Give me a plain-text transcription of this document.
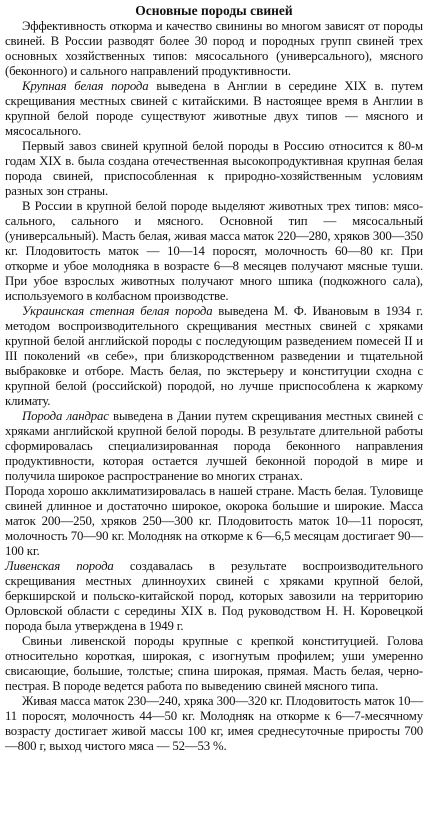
Основные породы свиней

Эффективность откорма и качество свинины во многом зависят от породы свиней. В России разводят более 30 пород и породных групп свиней трех основных хозяйственных типов: мясосального (универсального), мясного (беконного) и сального направлений продуктивности.

Крупная белая порода выведена в Англии в середине XIX в. путем скрещивания местных свиней с китайскими. В настоящее время в Англии в крупной белой породе существуют животные двух типов — мясного и мясосального.

Первый завоз свиней крупной белой породы в Россию относится к 80-м годам XIX в. была создана отечественная высокопродуктивная крупная белая порода свиней, приспособленная к природно-хозяйственным условиям разных зон страны.

В России в крупной белой породе выделяют животных трех типов: мясо-сального, сального и мясного. Основной тип — мясосальный (универсальный). Масть белая, живая масса маток 220—280, хряков 300—350 кг. Плодовитость маток — 10—14 поросят, молочность 60—80 кг. При откорме и убое молодняка в возрасте 6—8 месяцев получают мясные туши. При убое взрослых животных получают много шпика (подкожного сала), используемого в колбасном производстве.

Украинская степная белая порода выведена М. Ф. Ивановым в 1934 г. методом воспроизводительного скрещивания местных свиней с хряками крупной белой английской породы с последующим разведением помесей II и III поколений «в себе», при близкородственном разведении и тщательной выбраковке и отборе. Масть белая, по экстерьеру и конституции сходна с крупной белой (российской) породой, но лучше приспособлена к жаркому климату.

Порода ландрас выведена в Дании путем скрещивания местных свиней с хряками английской крупной белой породы. В результате длительной работы сформировалась специализированная порода беконного направления продуктивности, которая остается лучшей беконной породой в мире и получила широкое распространение во многих странах.

Порода хорошо акклиматизировалась в нашей стране. Масть белая. Туловище свиней длинное и достаточно широкое, окорока большие и широкие. Масса маток 200—250, хряков 250—300 кг. Плодовитость маток 10—11 поросят, молочность 70—90 кг. Молодняк на откорме к 6—6,5 месяцам достигает 90—100 кг.

Ливенская порода создавалась в результате воспроизводительного скрещивания местных длинноухих свиней с хряками крупной белой, беркширской и польско-китайской пород, которых завозили на территорию Орловской области с середины XIX в. Под руководством Н. Н. Коровецкой порода была утверждена в 1949 г.

Свиньи ливенской породы крупные с крепкой конституцией. Голова относительно короткая, широкая, с изогнутым профилем; уши умеренно свисающие, большие, толстые; спина широкая, прямая. Масть белая, черно-пестрая. В породе ведется работа по выведению свиней мясного типа.

Живая масса маток 230—240, хряка 300—320 кг. Плодовитость маток 10—11 поросят, молочность 44—50 кг. Молодняк на откорме к 6—7-месячному возрасту достигает живой массы 100 кг, имея среднесуточные приросты 700—800 г, выход чистого мяса — 52—53 %.
